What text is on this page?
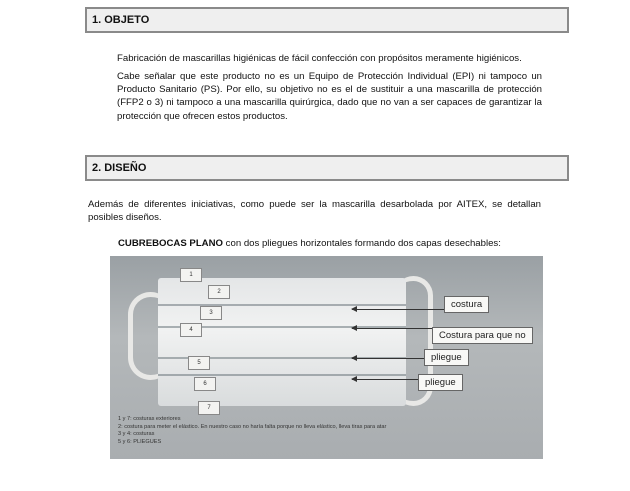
1. OBJETO

Fabricación de mascarillas higiénicas de fácil confección con propósitos meramente higiénicos.

Cabe señalar que este producto no es un Equipo de Protección Individual (EPI) ni tampoco un Producto Sanitario (PS). Por ello, su objetivo no es el de sustituir a una mascarilla de protección (FFP2 o 3) ni tampoco a una mascarilla quirúrgica, dado que no van a ser capaces de garantizar la protección que ofrecen estos productos.

2. DISEÑO

Además de diferentes iniciativas, como puede ser la mascarilla desarbolada por AITEX, se detallan posibles diseños.

CUBREBOCAS PLANO con dos pliegues horizontales formando dos capas desechables:
1
2
3
4
5
6
7
costura
Costura para que no
pliegue
pliegue
1 y 7: costuras exteriores
2: costura para meter el elástico. En nuestro caso no haría falta porque no lleva elástico, lleva tiras para atar
3 y 4: costuras
5 y 6: PLIEGUES
